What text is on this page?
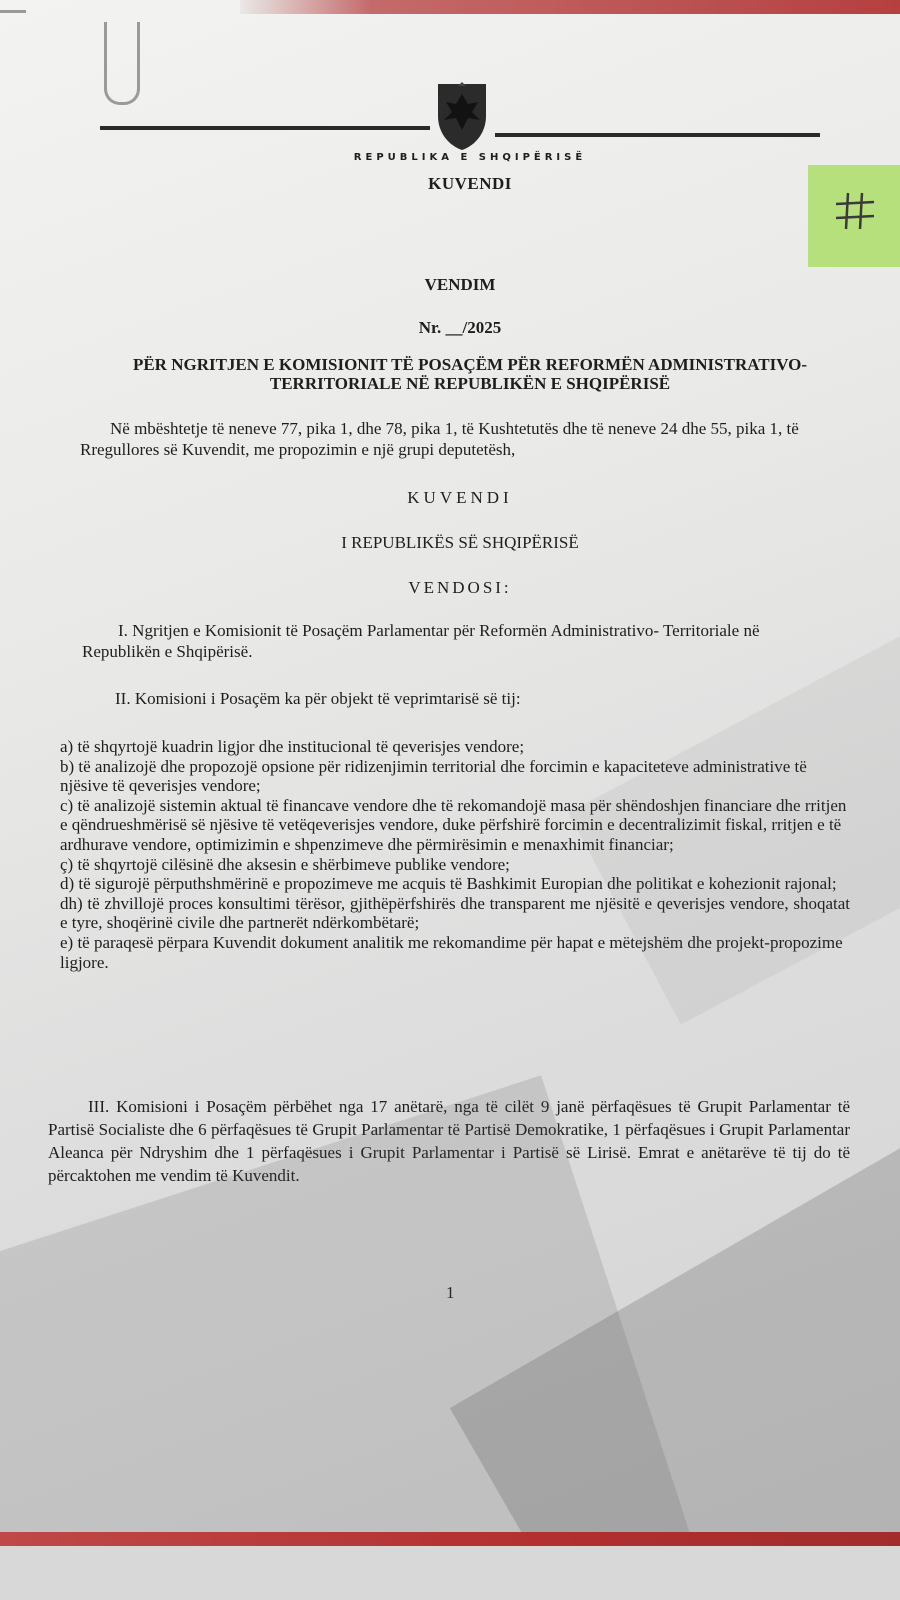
REPUBLIKA E SHQIPËRISË
KUVENDI
VENDIM
Nr. __/2025
PËR NGRITJEN E KOMISIONIT TË POSAÇËM PËR REFORMËN ADMINISTRATIVO-TERRITORIALE NË REPUBLIKËN E SHQIPËRISË
Në mbështetje të neneve 77, pika 1, dhe 78, pika 1, të Kushtetutës dhe të neneve 24 dhe 55, pika 1, të Rregullores së Kuvendit, me propozimin e një grupi deputetësh,
KUVENDI
I REPUBLIKËS SË SHQIPËRISË
VENDOSI:
I. Ngritjen e Komisionit të Posaçëm Parlamentar për Reformën Administrativo- Territoriale në Republikën e Shqipërisë.
II. Komisioni i Posaçëm ka për objekt të veprimtarisë së tij:
a) të shqyrtojë kuadrin ligjor dhe institucional të qeverisjes vendore;
b) të analizojë dhe propozojë opsione për ridizenjimin territorial dhe forcimin e kapaciteteve administrative të njësive të qeverisjes vendore;
c) të analizojë sistemin aktual të financave vendore dhe të rekomandojë masa për shëndoshjen financiare dhe rritjen e qëndrueshmërisë së njësive të vetëqeverisjes vendore, duke përfshirë forcimin e decentralizimit fiskal, rritjen e të ardhurave vendore, optimizimin e shpenzimeve dhe përmirësimin e menaxhimit financiar;
ç) të shqyrtojë cilësinë dhe aksesin e shërbimeve publike vendore;
d) të sigurojë përputhshmërinë e propozimeve me acquis të Bashkimit Europian dhe politikat e kohezionit rajonal;
dh) të zhvillojë proces konsultimi tërësor, gjithëpërfshirës dhe transparent me njësitë e qeverisjes vendore, shoqatat e tyre, shoqërinë civile dhe partnerët ndërkombëtarë;
e) të paraqesë përpara Kuvendit dokument analitik me rekomandime për hapat e mëtejshëm dhe projekt-propozime ligjore.
III. Komisioni i Posaçëm përbëhet nga 17 anëtarë, nga të cilët 9 janë përfaqësues të Grupit Parlamentar të Partisë Socialiste dhe 6 përfaqësues të Grupit Parlamentar të Partisë Demokratike, 1 përfaqësues i Grupit Parlamentar Aleanca për Ndryshim dhe 1 përfaqësues i Grupit Parlamentar i Partisë së Lirisë. Emrat e anëtarëve të tij do të përcaktohen me vendim të Kuvendit.
1
